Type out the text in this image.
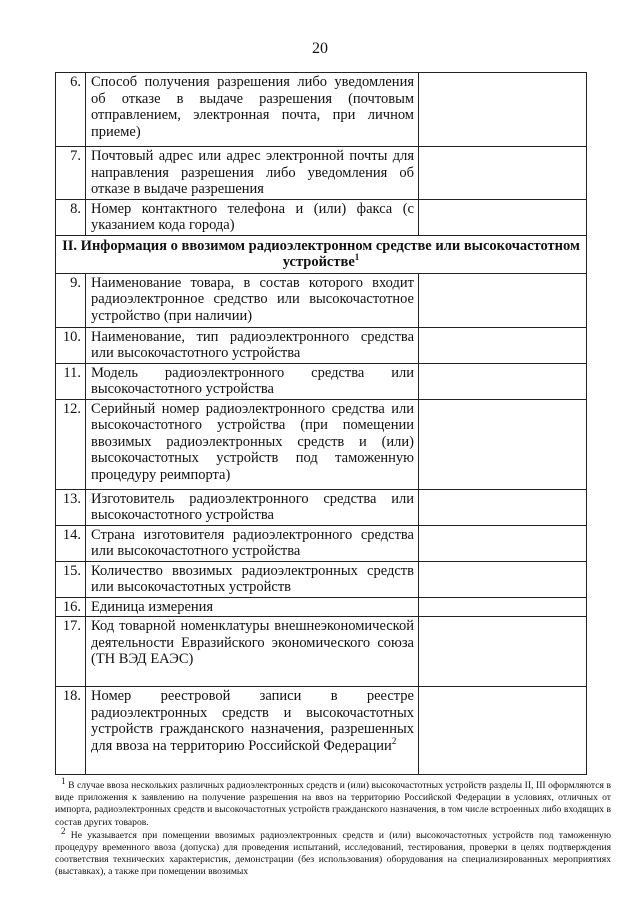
20
6.	Способ получения разрешения либо уведомления об отказе в выдаче разрешения (почтовым отправлением, электронная почта, при личном приеме)	
7.	Почтовый адрес или адрес электронной почты для направления разрешения либо уведомления об отказе в выдаче разрешения	
8.	Номер контактного телефона и (или) факса (с указанием кода города)	
II. Информация о ввозимом радиоэлектронном средстве или высокочастотном устройстве$^1$
9.	Наименование товара, в состав которого входит радиоэлектронное средство или высокочастотное устройство (при наличии)	
10.	Наименование, тип радиоэлектронного средства или высокочастотного устройства	
11.	Модель радиоэлектронного средства или высокочастотного устройства	
12.	Серийный номер радиоэлектронного средства или высокочастотного устройства (при помещении ввозимых радиоэлектронных средств и (или) высокочастотных устройств под таможенную процедуру реимпорта)	
13.	Изготовитель радиоэлектронного средства или высокочастотного устройства	
14.	Страна изготовителя радиоэлектронного средства или высокочастотного устройства	
15.	Количество ввозимых радиоэлектронных средств или высокочастотных устройств	
16.	Единица измерения	
17.	Код товарной номенклатуры внешнеэкономической деятельности Евразийского экономического союза (ТН ВЭД ЕАЭС)	
18.	Номер реестровой записи в реестре радиоэлектронных средств и высокочастотных устройств гражданского назначения, разрешенных для ввоза на территорию Российской Федерации$^2$	

$^1$ В случае ввоза нескольких различных радиоэлектронных средств и (или) высокочастотных устройств разделы II, III оформляются в виде приложения к заявлению на получение разрешения на ввоз на территорию Российской Федерации в условиях, отличных от импорта, радиоэлектронных средств и высокочастотных устройств гражданского назначения, в том числе встроенных либо входящих в состав других товаров.

$^2$ Не указывается при помещении ввозимых радиоэлектронных средств и (или) высокочастотных устройств под таможенную процедуру временного ввоза (допуска) для проведения испытаний, исследований, тестирования, проверки в целях подтверждения соответствия технических характеристик, демонстрации (без использования) оборудования на специализированных мероприятиях (выставках), а также при помещении ввозимых
